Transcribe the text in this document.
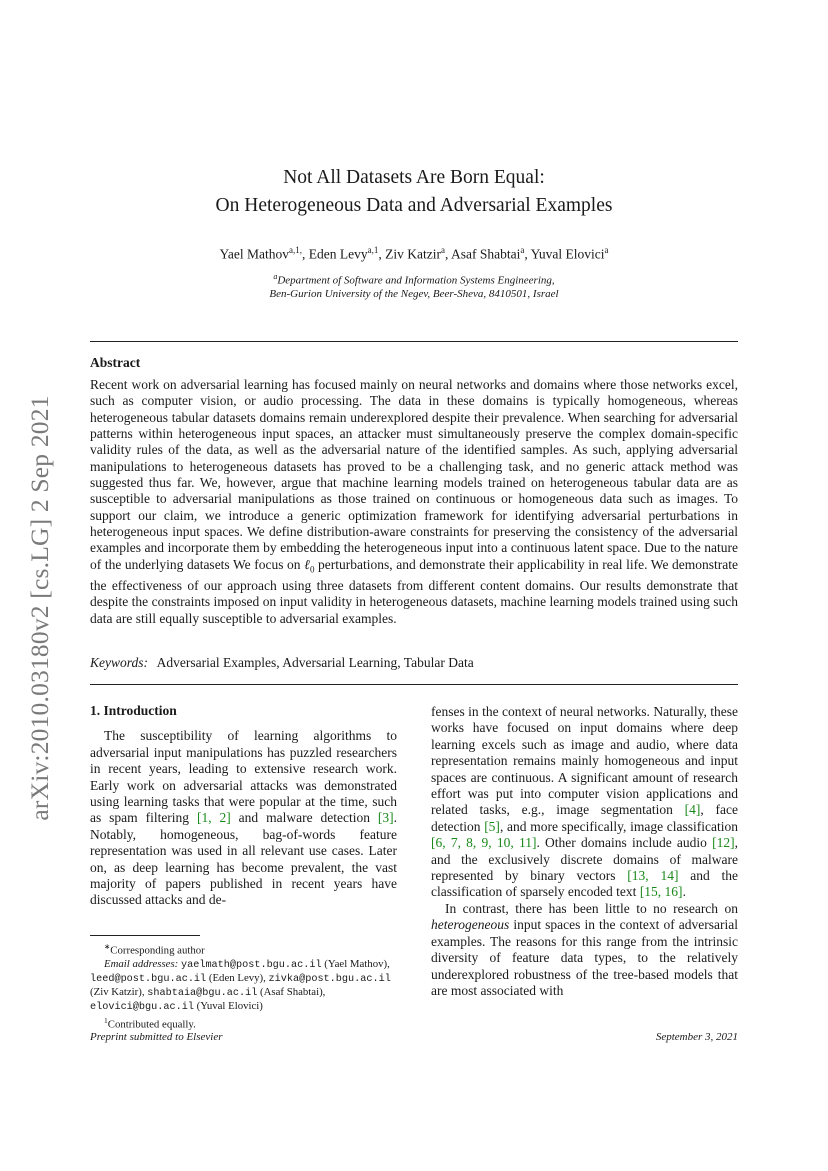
arXiv:2010.03180v2 [cs.LG] 2 Sep 2021
Not All Datasets Are Born Equal:
On Heterogeneous Data and Adversarial Examples
Yael Mathov$^{a,1,}$, Eden Levy$^{a,1}$, Ziv Katzir$^a$, Asaf Shabtai$^a$, Yuval Elovici$^a$
$^a$Department of Software and Information Systems Engineering,
Ben-Gurion University of the Negev, Beer-Sheva, 8410501, Israel
Abstract
Recent work on adversarial learning has focused mainly on neural networks and domains where those networks excel, such as computer vision, or audio processing. The data in these domains is typically homogeneous, whereas heterogeneous tabular datasets domains remain underexplored despite their prevalence. When searching for adversarial patterns within heterogeneous input spaces, an attacker must simultaneously preserve the complex domain-specific validity rules of the data, as well as the adversarial nature of the identified samples. As such, applying adversarial manipulations to heterogeneous datasets has proved to be a challenging task, and no generic attack method was suggested thus far. We, however, argue that machine learning models trained on heterogeneous tabular data are as susceptible to adversarial manipulations as those trained on continuous or homogeneous data such as images. To support our claim, we introduce a generic optimization framework for identifying adversarial perturbations in heterogeneous input spaces. We define distribution-aware constraints for preserving the consistency of the adversarial examples and incorporate them by embedding the heterogeneous input into a continuous latent space. Due to the nature of the underlying datasets We focus on ℓ$_0$ perturbations, and demonstrate their applicability in real life. We demonstrate the effectiveness of our approach using three datasets from different content domains. Our results demonstrate that despite the constraints imposed on input validity in heterogeneous datasets, machine learning models trained using such data are still equally susceptible to adversarial examples.
Keywords: Adversarial Examples, Adversarial Learning, Tabular Data
1. Introduction

The susceptibility of learning algorithms to adversarial input manipulations has puzzled researchers in recent years, leading to extensive research work. Early work on adversarial attacks was demonstrated using learning tasks that were popular at the time, such as spam filtering [1, 2] and malware detection [3]. Notably, homogeneous, bag-of-words feature representation was used in all relevant use cases. Later on, as deep learning has become prevalent, the vast majority of papers published in recent years have discussed attacks and de-

fenses in the context of neural networks. Naturally, these works have focused on input domains where deep learning excels such as image and audio, where data representation remains mainly homogeneous and input spaces are continuous. A significant amount of research effort was put into computer vision applications and related tasks, e.g., image segmentation [4], face detection [5], and more specifically, image classification [6, 7, 8, 9, 10, 11]. Other domains include audio [12], and the exclusively discrete domains of malware represented by binary vectors [13, 14] and the classification of sparsely encoded text [15, 16].

In contrast, there has been little to no research on heterogeneous input spaces in the context of adversarial examples. The reasons for this range from the intrinsic diversity of feature data types, to the relatively underexplored robustness of the tree-based models that are most associated with

∗Corresponding author

Email addresses: yaelmath@post.bgu.ac.il (Yael Mathov), leed@post.bgu.ac.il (Eden Levy), zivka@post.bgu.ac.il (Ziv Katzir), shabtaia@bgu.ac.il (Asaf Shabtai), elovici@bgu.ac.il (Yuval Elovici)

$^1$Contributed equally.

Preprint submitted to Elsevier	September 3, 2021
